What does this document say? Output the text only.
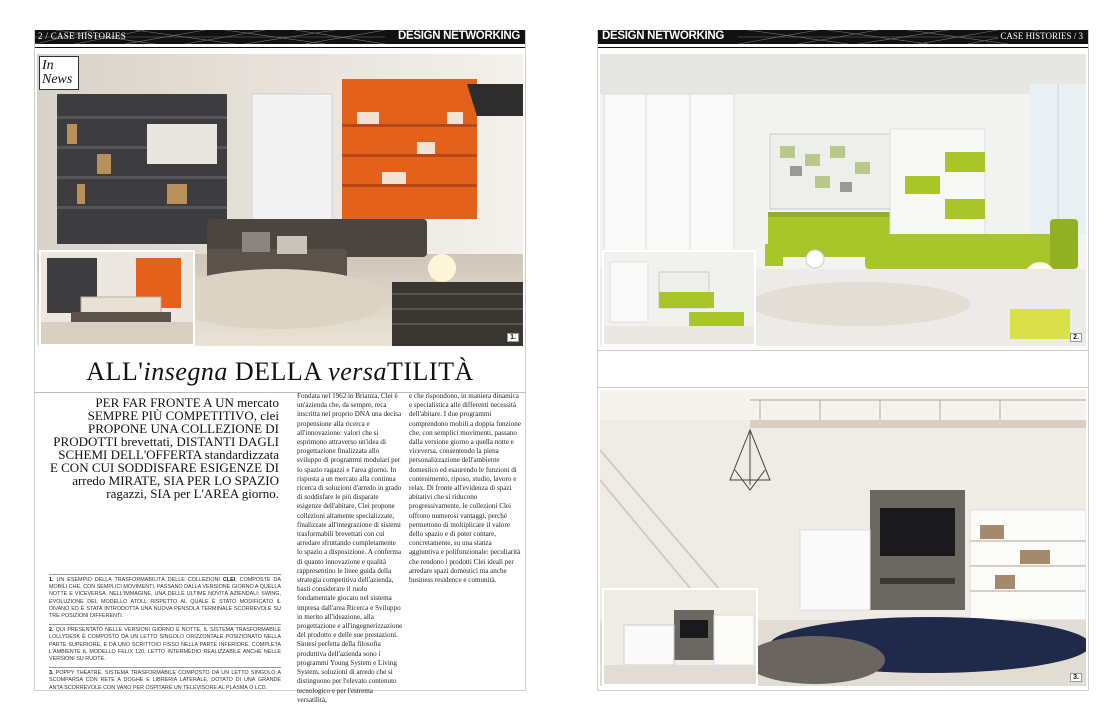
2 / CASE HISTORIES	DESIGN NETWORKING
In
News
1.
ALL'insegna DELLA versaTILITÀ
PER FAR FRONTE A UN mercato SEMPRE PIÙ COMPETITIVO, clei PROPONE UNA COLLEZIONE DI PRODOTTI brevettati, DISTANTI DAGLI SCHEMI DELL'OFFERTA standardizzata E CON CUI SODDISFARE ESIGENZE DI arredo MIRATE, SIA PER LO SPAZIO ragazzi, SIA per L'AREA giorno.
1. UN ESEMPIO DELLA TRASFORMABILITÀ DELLE COLLEZIONI CLEI, COMPOSTE DA MOBILI CHE, CON SEMPLICI MOVIMENTI, PASSANO DALLA VERSIONE GIORNO A QUELLA NOTTE E VICEVERSA. NELL'IMMAGINE, UNA DELLE ULTIME NOVITÀ AZIENDALI: SWING, EVOLUZIONE DEL MODELLO ATOLL RISPETTO AL QUALE È STATO MODIFICATO IL DIVANO ED È STATA INTRODOTTA UNA NUOVA PENSOLA TERMINALE SCORREVOLE SU TRE POSIZIONI DIFFERENTI.
2. QUI PRESENTATO NELLE VERSIONI GIORNO E NOTTE, IL SISTEMA TRASFORMABILE LOLLYDESK È COMPOSTO DA UN LETTO SINGOLO ORIZZONTALE POSIZIONATO NELLA PARTE SUPERIORE, E DA UNO SCRITTOIO FISSO NELLA PARTE INFERIORE. COMPLETA L'AMBIENTE IL MODELLO FELIX 120, LETTO INTERMEDIO REALIZZABILE ANCHE NELLE VERSIONI SU RUOTE.
3. POPPY THEATRE, SISTEMA TRASFORMABILE COMPOSTO DA UN LETTO SINGOLO A SCOMPARSA CON RETE A DOGHE E LIBRERIA LATERALE, DOTATO DI UNA GRANDE ANTA SCORREVOLE CON VANO PER OSPITARE UN TELEVISORE AL PLASMA O LCD.
Fondata nel 1962 in Brianza, Clei è un'azienda che, da sempre, reca inscritta nel proprio DNA una decisa propensione alla ricerca e all'innovazione: valori che si esprimono attraverso un'idea di progettazione finalizzata allo sviluppo di programmi modulari per lo spazio ragazzi e l'area giorno. In risposta a un mercato alla continua ricerca di soluzioni d'arredo in grado di soddisfare le più disparate esigenze dell'abitare, Clei propone collezioni altamente specializzate, finalizzate all'integrazione di sistemi trasformabili brevettati con cui arredare sfruttando completamente lo spazio a disposizione. A conferma di quanto innovazione e qualità rappresentino le linee guida della strategia competitiva dell'azienda, basti considerare il ruolo fondamentale giocato nel sistema impresa dall'area Ricerca e Sviluppo in merito all'ideazione, alla progettazione e all'ingegnerizzazione del prodotto e delle sue prestazioni. Sintesi perfetta della filosofia produttiva dell'azienda sono i programmi Young System e Living System, soluzioni di arredo che si distinguono per l'elevato contenuto tecnologico e per l'estrema versatilità,
e che rispondono, in maniera dinamica e specialistica alle differenti necessità dell'abitare. I due programmi comprendono mobili a doppia funzione che, con semplici movimenti, passano dalla versione giorno a quella notte e viceversa, consentendo la piena personalizzazione dell'ambiente domestico ed esaurendo le funzioni di contenimento, riposo, studio, lavoro e relax. Di fronte all'evidenza di spazi abitativi che si riducono progressivamente, le collezioni Clei offrono numerosi vantaggi, perché permettono di moltiplicare il valore dello spazio e di poter contare, concretamente, su una stanza aggiuntiva e polifunzionale: peculiarità che rendono i prodotti Clei ideali per arredare spazi domestici ma anche business residence e comunità.
DESIGN NETWORKING	CASE HISTORIES / 3
2.
3.
